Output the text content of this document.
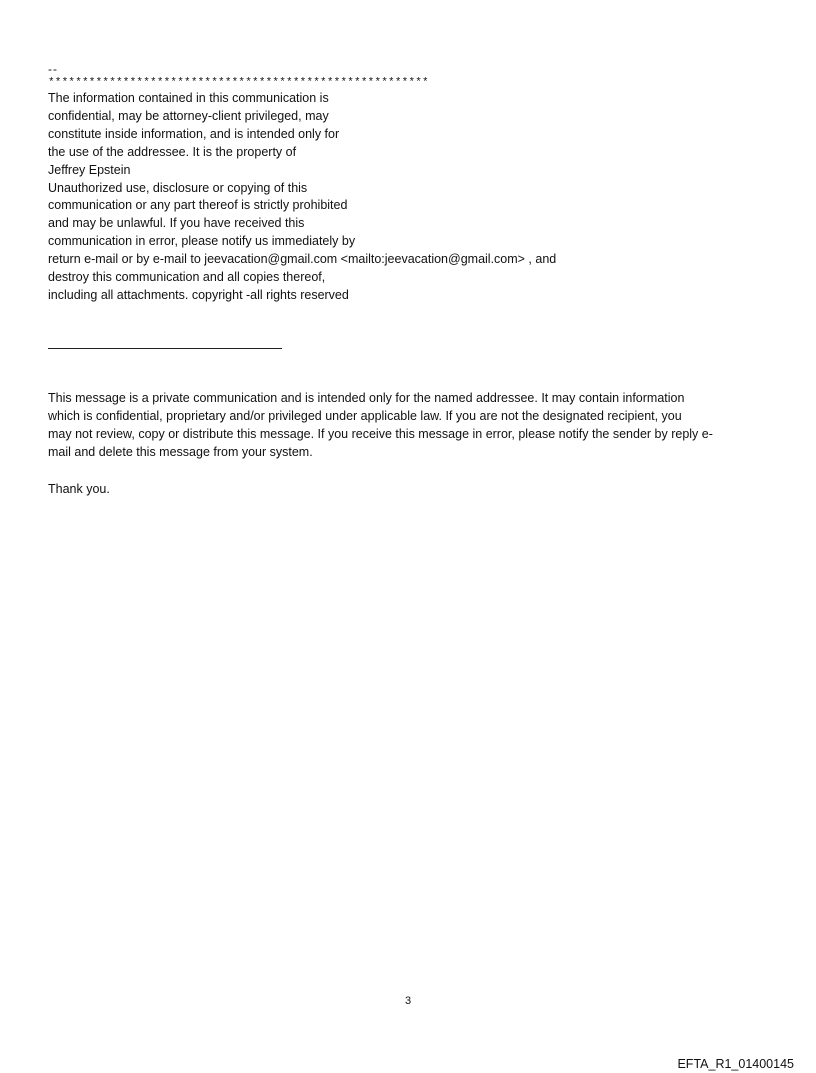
--
********************************************************
The information contained in this communication is
confidential, may be attorney-client privileged, may
constitute inside information, and is intended only for
the use of the addressee. It is the property of
Jeffrey Epstein
Unauthorized use, disclosure or copying of this
communication or any part thereof is strictly prohibited
and may be unlawful. If you have received this
communication in error, please notify us immediately by
return e-mail or by e-mail to jeevacation@gmail.com <mailto:jeevacation@gmail.com> , and
destroy this communication and all copies thereof,
including all attachments. copyright -all rights reserved
This message is a private communication and is intended only for the named addressee. It may contain information
which is confidential, proprietary and/or privileged under applicable law. If you are not the designated recipient, you
may not review, copy or distribute this message. If you receive this message in error, please notify the sender by reply e-
mail and delete this message from your system.
Thank you.
3
EFTA_R1_01400145
